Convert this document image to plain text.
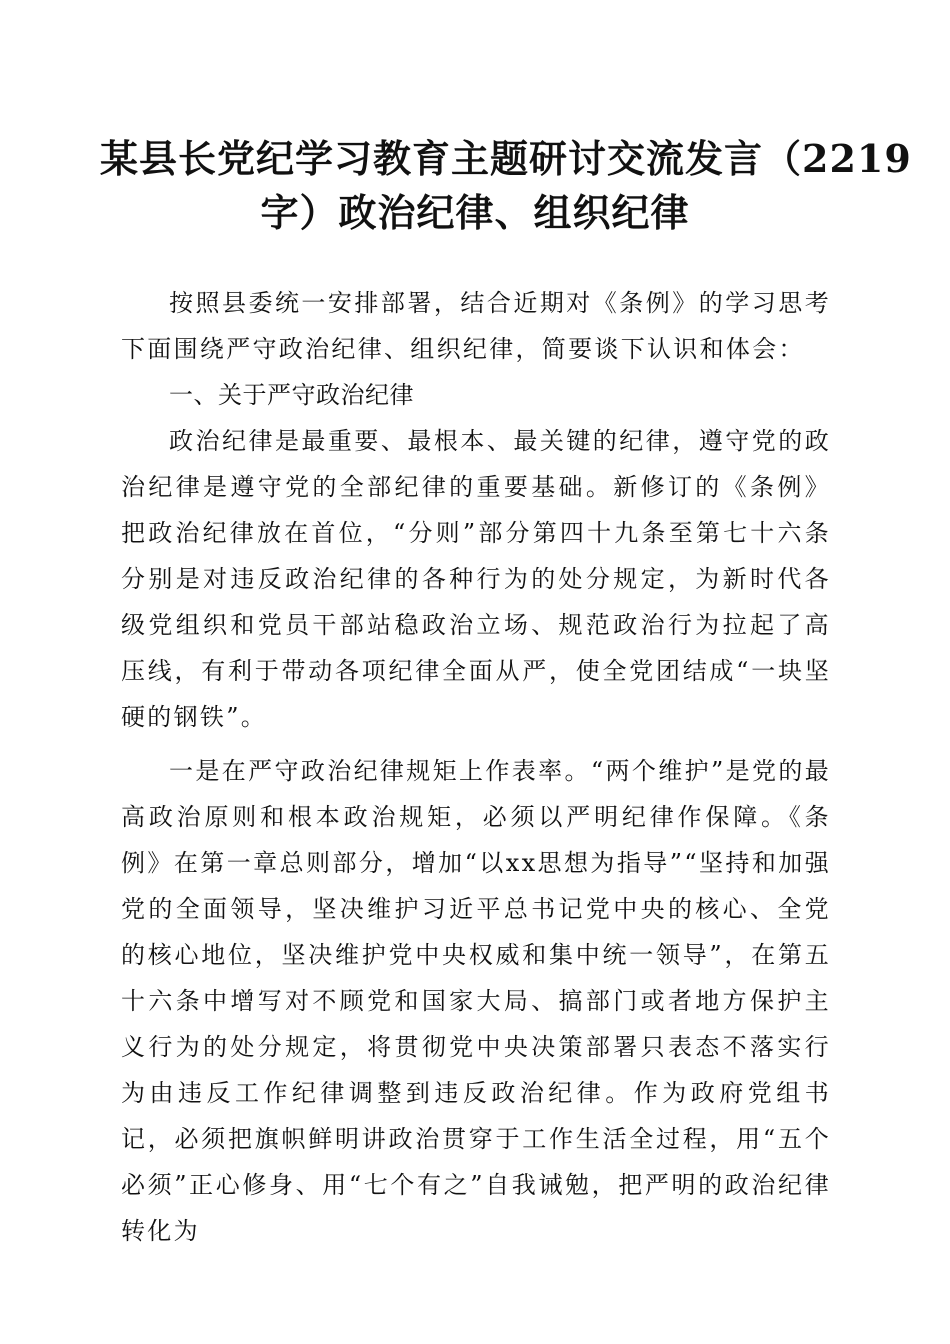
某县长党纪学习教育主题研讨交流发言（2219
字）政治纪律、组织纪律

按照县委统一安排部署，结合近期对《条例》的学习思考下面围绕严守政治纪律、组织纪律，简要谈下认识和体会：

一、关于严守政治纪律

政治纪律是最重要、最根本、最关键的纪律，遵守党的政治纪律是遵守党的全部纪律的重要基础。新修订的《条例》把政治纪律放在首位，“分则”部分第四十九条至第七十六条分别是对违反政治纪律的各种行为的处分规定，为新时代各级党组织和党员干部站稳政治立场、规范政治行为拉起了高压线，有利于带动各项纪律全面从严，使全党团结成“一块坚硬的钢铁”。

一是在严守政治纪律规矩上作表率。“两个维护”是党的最高政治原则和根本政治规矩，必须以严明纪律作保障。《条例》在第一章总则部分，增加“以xx思想为指导”“坚持和加强党的全面领导，坚决维护习近平总书记党中央的核心、全党的核心地位，坚决维护党中央权威和集中统一领导”，在第五十六条中增写对不顾党和国家大局、搞部门或者地方保护主义行为的处分规定，将贯彻党中央决策部署只表态不落实行为由违反工作纪律调整到违反政治纪律。作为政府党组书记，必须把旗帜鲜明讲政治贯穿于工作生活全过程，用“五个必须”正心修身、用“七个有之”自我诫勉，把严明的政治纪律转化为
